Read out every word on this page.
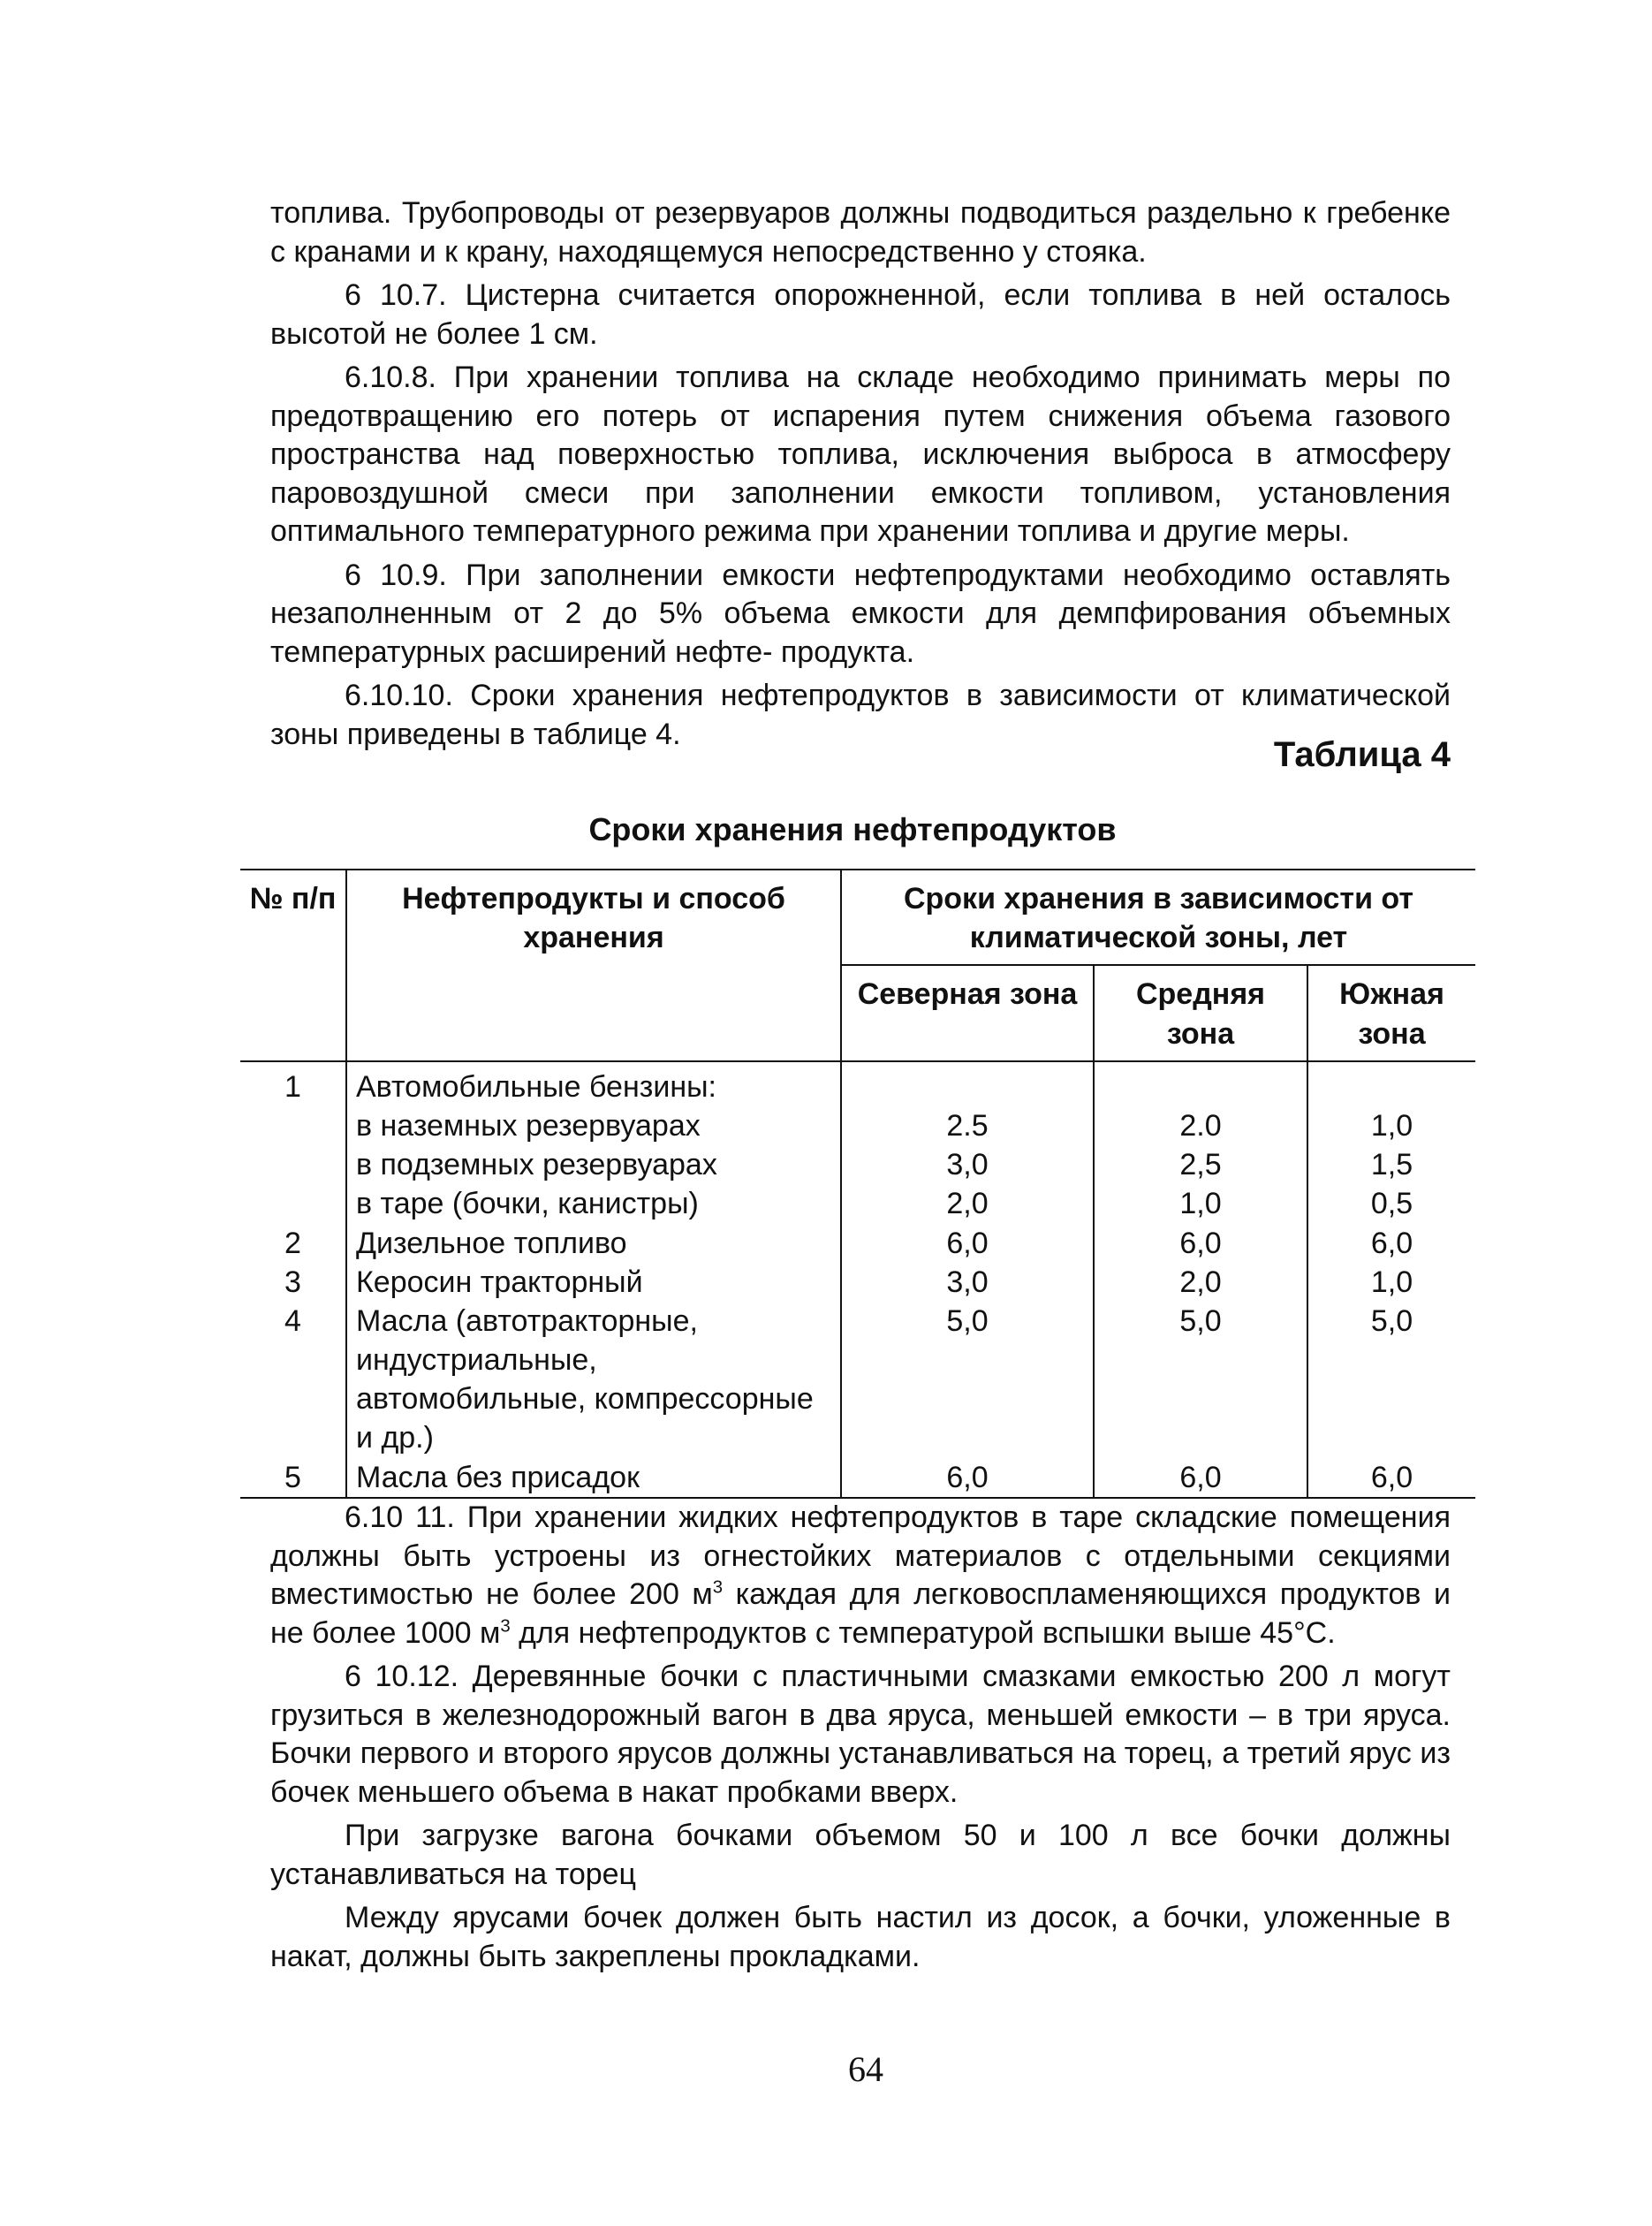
топлива. Трубопроводы от резервуаров должны подводиться раздельно к гребенке с кранами и к крану, находящемуся непосредственно у стояка.

6 10.7. Цистерна считается опорожненной, если топлива в ней осталось высотой не более 1 см.

6.10.8. При хранении топлива на складе необходимо принимать меры по предотвращению его потерь от испарения путем снижения объема газового пространства над поверхностью топлива, исключения выброса в атмосферу паровоздушной смеси при заполнении емкости топливом, установления оптимального температурного режима при хранении топлива и другие меры.

6 10.9. При заполнении емкости нефтепродуктами необходимо оставлять незаполненным от 2 до 5% объема емкости для демпфирования объемных температурных расширений нефте- продукта.

6.10.10. Сроки хранения нефтепродуктов в зависимости от климатической зоны приведены в таблице 4.

Таблица 4
Сроки хранения нефтепродуктов
№ п/п	Нефтепродукты и способ хранения	Сроки хранения в зависимости от климатической зоны, лет		
		Северная зона	Средняя зона	Южная зона
1	Автомобильные бензины:			
	в наземных резервуарах	2.5	2.0	1,0
	в подземных резервуарах	3,0	2,5	1,5
	в таре (бочки, канистры)	2,0	1,0	0,5
2	Дизельное топливо	6,0	6,0	6,0
3	Керосин тракторный	3,0	2,0	1,0
4	Масла (автотракторные, индустриальные, автомобильные, компрессорные и др.)	5,0	5,0	5,0
5	Масла без присадок	6,0	6,0	6,0

6.10 11. При хранении жидких нефтепродуктов в таре складские помещения должны быть устроены из огнестойких материалов с отдельными секциями вместимостью не более 200 $м^3$ каждая для легковоспламеняющихся продуктов и не более 1000 $м^3$ для нефтепродуктов с температурой вспышки выше 45°С.

6 10.12. Деревянные бочки с пластичными смазками емкостью 200 л могут грузиться в железнодорожный вагон в два яруса, меньшей емкости – в три яруса. Бочки первого и второго ярусов должны устанавливаться на торец, а третий ярус из бочек меньшего объема в накат пробками вверх.

При загрузке вагона бочками объемом 50 и 100 л все бочки должны устанавливаться на торец

Между ярусами бочек должен быть настил из досок, а бочки, уложенные в накат, должны быть закреплены прокладками.

64
